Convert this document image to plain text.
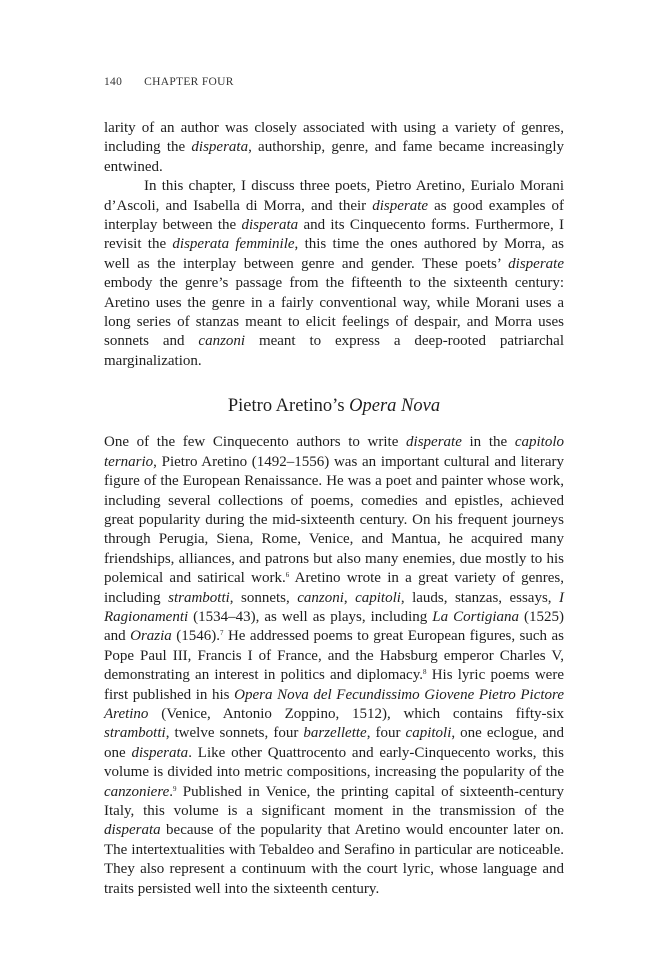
140 CHAPTER FOUR

larity of an author was closely associated with using a variety of genres, including the disperata, authorship, genre, and fame became increasingly entwined.

In this chapter, I discuss three poets, Pietro Aretino, Eurialo Morani d’Ascoli, and Isabella di Morra, and their disperate as good examples of interplay between the disperata and its Cinquecento forms. Furthermore, I revisit the disperata femminile, this time the ones authored by Morra, as well as the interplay between genre and gender. These poets’ disperate embody the genre’s passage from the fifteenth to the sixteenth century: Aretino uses the genre in a fairly conventional way, while Morani uses a long series of stanzas meant to elicit feelings of despair, and Morra uses sonnets and canzoni meant to express a deep-rooted patriarchal marginalization.

Pietro Aretino’s Opera Nova

One of the few Cinquecento authors to write disperate in the capitolo ternario, Pietro Aretino (1492–1556) was an important cultural and literary figure of the European Renaissance. He was a poet and painter whose work, including several collections of poems, comedies and epistles, achieved great popularity during the mid-sixteenth century. On his frequent journeys through Perugia, Siena, Rome, Venice, and Mantua, he acquired many friendships, alliances, and patrons but also many enemies, due mostly to his polemical and satirical work.$^6$ Aretino wrote in a great variety of genres, including strambotti, sonnets, canzoni, capitoli, lauds, stanzas, essays, I Ragionamenti (1534–43), as well as plays, including La Cortigiana (1525) and Orazia (1546).$^7$ He addressed poems to great European figures, such as Pope Paul III, Francis I of France, and the Habsburg emperor Charles V, demonstrating an interest in politics and diplomacy.$^8$ His lyric poems were first published in his Opera Nova del Fecundissimo Giovene Pietro Pictore Aretino (Venice, Antonio Zoppino, 1512), which contains fifty-six strambotti, twelve sonnets, four barzellette, four capitoli, one eclogue, and one disperata. Like other Quattrocento and early-Cinquecento works, this volume is divided into metric compositions, increasing the popularity of the canzoniere.$^9$ Published in Venice, the printing capital of sixteenth-century Italy, this volume is a significant moment in the transmission of the disperata because of the popularity that Aretino would encounter later on. The intertextualities with Tebaldeo and Serafino in particular are noticeable. They also represent a continuum with the court lyric, whose language and traits persisted well into the sixteenth century.
